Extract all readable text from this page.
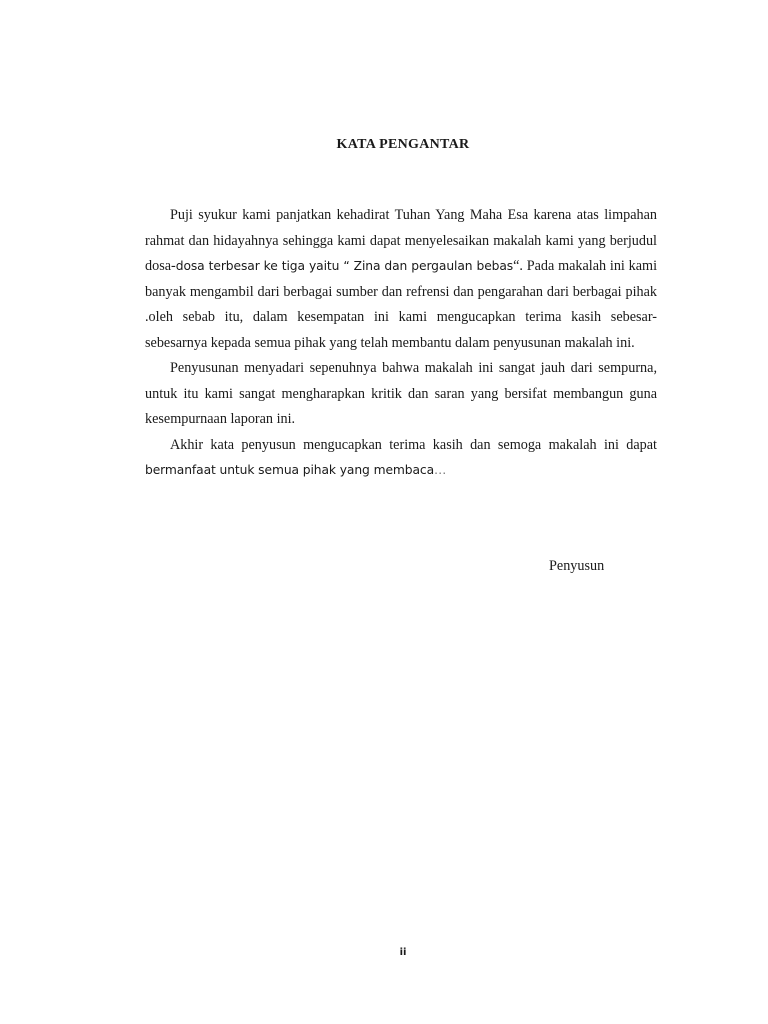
KATA PENGANTAR

Puji syukur kami panjatkan kehadirat Tuhan Yang Maha Esa karena atas limpahan rahmat dan hidayahnya sehingga kami dapat menyelesaikan makalah kami yang berjudul dosa-dosa terbesar ke tiga yaitu “ Zina dan pergaulan bebas“. Pada makalah ini kami banyak mengambil dari berbagai sumber dan refrensi dan pengarahan dari berbagai pihak .oleh sebab itu, dalam kesempatan ini kami mengucapkan terima kasih sebesar-sebesarnya kepada semua pihak yang telah membantu dalam penyusunan makalah ini.

Penyusunan menyadari sepenuhnya bahwa makalah ini sangat jauh dari sempurna, untuk itu kami sangat mengharapkan kritik dan saran yang bersifat membangun guna kesempurnaan laporan ini.

Akhir kata penyusun mengucapkan terima kasih dan semoga makalah ini dapat bermanfaat untuk semua pihak yang membaca…

Penyusun

ii
